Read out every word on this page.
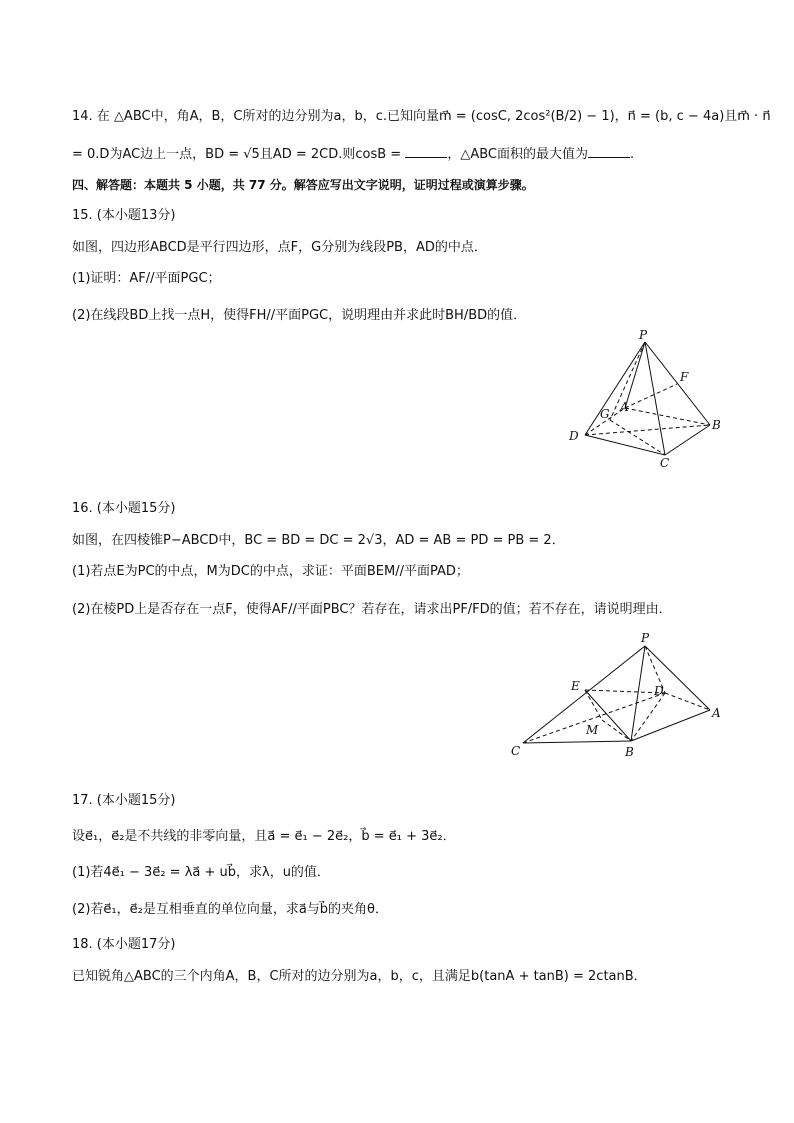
14. 在 △ABC中，角A，B，C所对的边分别为a，b，c.已知向量m⃗ = (cosC, 2cos²(B/2) − 1)，n⃗ = (b, c − 4a)且m⃗ · n⃗
= 0.D为AC边上一点，BD = √5且AD = 2CD.则cosB =	，△ABC面积的最大值为	.
四、解答题：本题共 5 小题，共 77 分。解答应写出文字说明，证明过程或演算步骤。
15. (本小题13分)
如图，四边形ABCD是平行四边形，点F，G分别为线段PB，AD的中点．
(1)证明：AF//平面PGC；
(2)在线段BD上找一点H，使得FH//平面PGC，说明理由并求此时BH/BD的值．
P
F
G A
D
B
C
16. (本小题15分)
如图，在四棱锥P−ABCD中，BC = BD = DC = 2√3，AD = AB = PD = PB = 2．
(1)若点E为PC的中点，M为DC的中点，求证：平面BEM//平面PAD；
(2)在棱PD上是否存在一点F，使得AF//平面PBC？若存在，请求出PF/FD的值；若不存在，请说明理由．
P
E	D
A
M
C	B
17. (本小题15分)
设e⃗₁，e⃗₂是不共线的非零向量，且a⃗ = e⃗₁ − 2e⃗₂，b⃗ = e⃗₁ + 3e⃗₂．
(1)若4e⃗₁ − 3e⃗₂ = λa⃗ + ub⃗，求λ，u的值．
(2)若e⃗₁，e⃗₂是互相垂直的单位向量，求a⃗与b⃗的夹角θ．
18. (本小题17分)
已知锐角△ABC的三个内角A，B，C所对的边分别为a，b，c，且满足b(tanA + tanB) = 2ctanB．
